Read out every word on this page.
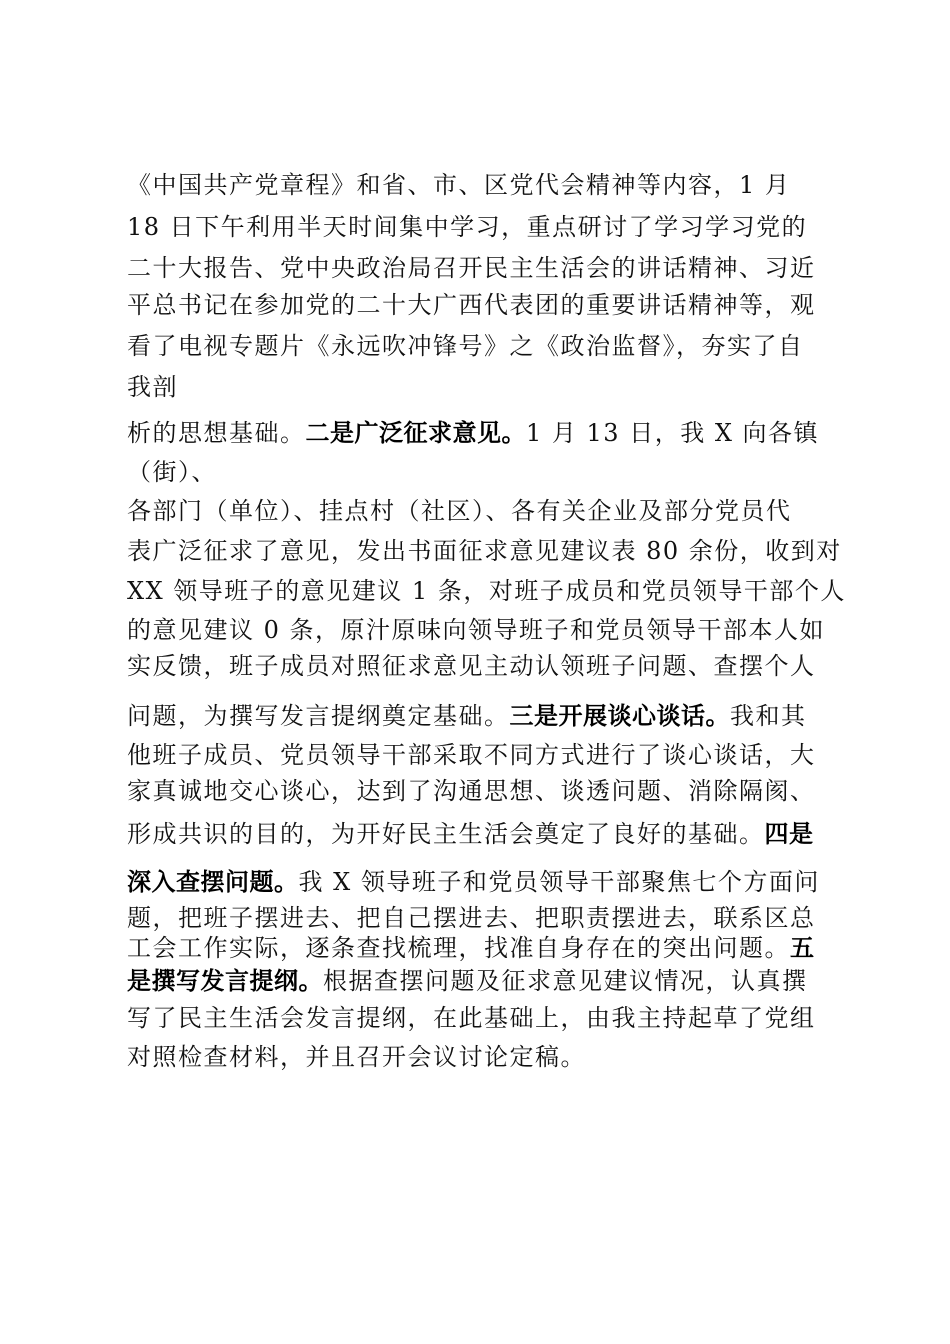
《中国共产党章程》和省、市、区党代会精神等内容，1 月
18 日下午利用半天时间集中学习，重点研讨了学习学习党的
二十大报告、党中央政治局召开民主生活会的讲话精神、习近
平总书记在参加党的二十大广西代表团的重要讲话精神等，观
看了电视专题片《永远吹冲锋号》之《政治监督》，夯实了自
我剖
析的思想基础。二是广泛征求意见。1 月 13 日，我 X 向各镇
（街）、
各部门（单位）、挂点村（社区）、各有关企业及部分党员代
表广泛征求了意见，发出书面征求意见建议表 80 余份，收到对
XX 领导班子的意见建议 1 条，对班子成员和党员领导干部个人
的意见建议 0 条，原汁原味向领导班子和党员领导干部本人如
实反馈，班子成员对照征求意见主动认领班子问题、查摆个人
问题，为撰写发言提纲奠定基础。三是开展谈心谈话。我和其
他班子成员、党员领导干部采取不同方式进行了谈心谈话，大
家真诚地交心谈心，达到了沟通思想、谈透问题、消除隔阂、
形成共识的目的，为开好民主生活会奠定了良好的基础。四是
深入查摆问题。我 X 领导班子和党员领导干部聚焦七个方面问
题，把班子摆进去、把自己摆进去、把职责摆进去，联系区总
工会工作实际，逐条查找梳理，找准自身存在的突出问题。五
是撰写发言提纲。根据查摆问题及征求意见建议情况，认真撰
写了民主生活会发言提纲，在此基础上，由我主持起草了党组
对照检查材料，并且召开会议讨论定稿。
